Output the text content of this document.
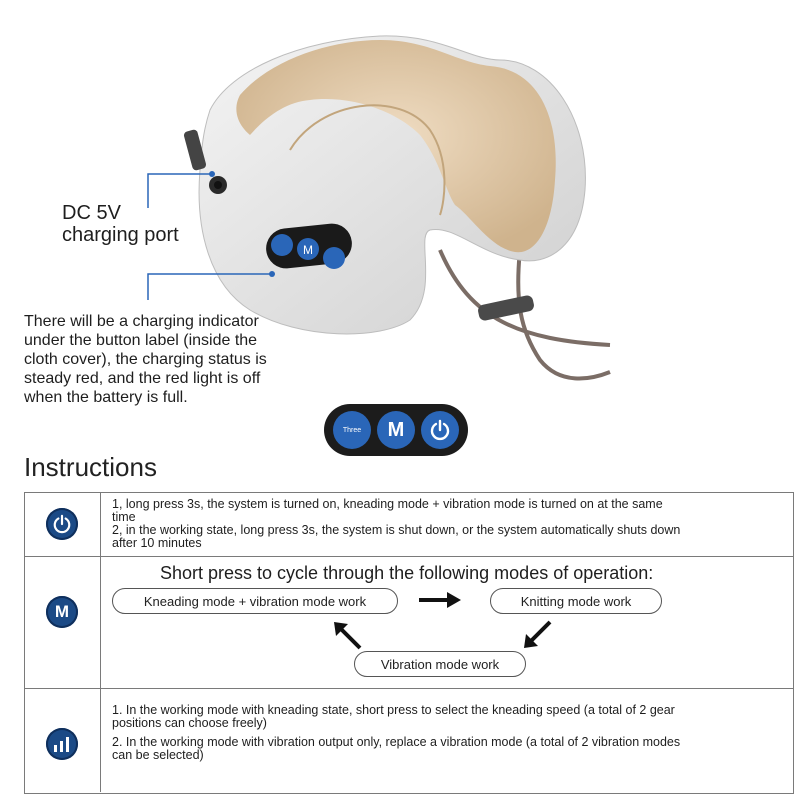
M
DC 5V
charging port
There will be a charging indicator
under the button label (inside the
cloth cover), the charging status is
steady red, and the red light is off
when the battery is full.
Three M
Instructions
1, long press 3s, the system is turned on, kneading mode + vibration mode is turned on at the same
time
2, in the working state, long press 3s, the system is shut down, or the system automatically shuts down
after 10 minutes
M
Short press to cycle through the following modes of operation:
Kneading mode + vibration mode work	Knitting mode work
Vibration mode work
1. In the working mode with kneading state, short press to select the kneading speed (a total of 2 gear
positions can choose freely)
2. In the working mode with vibration output only, replace a vibration mode (a total of 2 vibration modes
can be selected)
